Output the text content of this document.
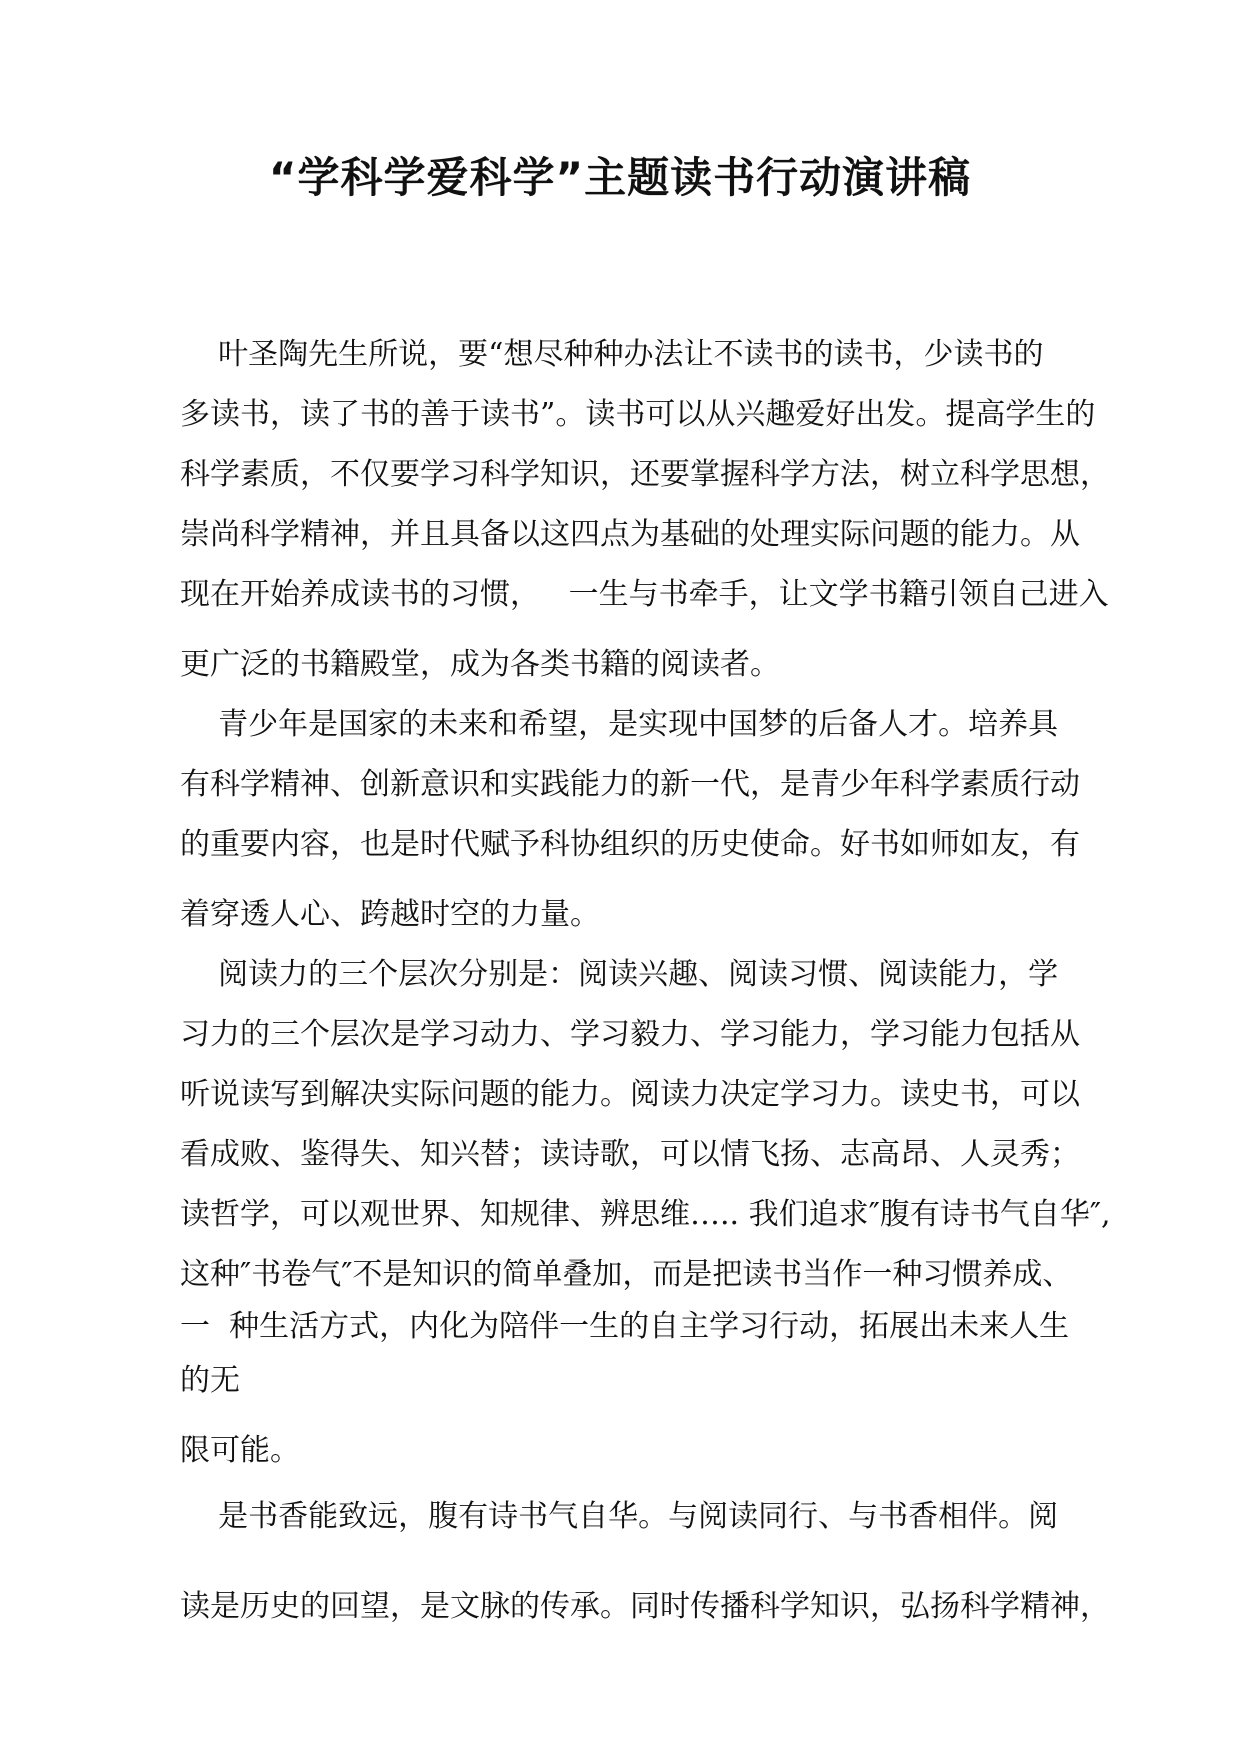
“学科学爱科学”主题读书行动演讲稿

叶圣陶先生所说，要“想尽种种办法让不读书的读书，少读书的

多读书，读了书的善于读书”。读书可以从兴趣爱好出发。提高学生的

科学素质，不仅要学习科学知识，还要掌握科学方法，树立科学思想，

崇尚科学精神，并且具备以这四点为基础的处理实际问题的能力。从

现在开始养成读书的习惯，   一生与书牵手，让文学书籍引领自己进入

更广泛的书籍殿堂，成为各类书籍的阅读者。

青少年是国家的未来和希望，是实现中国梦的后备人才。培养具

有科学精神、创新意识和实践能力的新一代，是青少年科学素质行动

的重要内容，也是时代赋予科协组织的历史使命。好书如师如友，有

着穿透人心、跨越时空的力量。

阅读力的三个层次分别是：阅读兴趣、阅读习惯、阅读能力，学

习力的三个层次是学习动力、学习毅力、学习能力，学习能力包括从

听说读写到解决实际问题的能力。阅读力决定学习力。读史书，可以

看成败、鉴得失、知兴替；读诗歌，可以情飞扬、志高昂、人灵秀；

读哲学，可以观世界、知规律、辨思维….. 我们追求″腹有诗书气自华″,

这种″书卷气″不是知识的简单叠加，而是把读书当作一种习惯养成、

一  种生活方式，内化为陪伴一生的自主学习行动，拓展出未来人生

的无

限可能。

是书香能致远，腹有诗书气自华。与阅读同行、与书香相伴。阅

读是历史的回望，是文脉的传承。同时传播科学知识，弘扬科学精神，
